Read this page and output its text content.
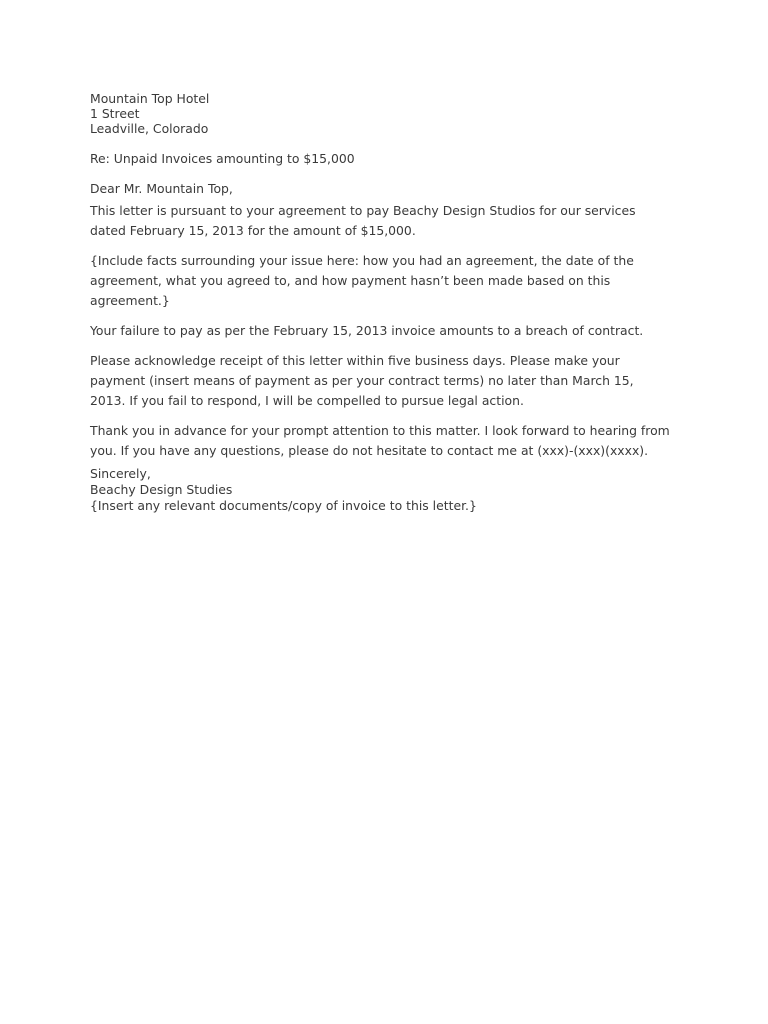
Mountain Top Hotel

1 Street

Leadville, Colorado

Re: Unpaid Invoices amounting to $15,000
Dear Mr. Mountain Top,
This letter is pursuant to your agreement to pay Beachy Design Studios for our services
dated February 15, 2013 for the amount of $15,000.
{Include facts surrounding your issue here: how you had an agreement, the date of the
agreement, what you agreed to, and how payment hasn’t been made based on this
agreement.}
Your failure to pay as per the February 15, 2013 invoice amounts to a breach of contract.
Please acknowledge receipt of this letter within five business days. Please make your
payment (insert means of payment as per your contract terms) no later than March 15,
2013. If you fail to respond, I will be compelled to pursue legal action.
Thank you in advance for your prompt attention to this matter. I look forward to hearing from
you. If you have any questions, please do not hesitate to contact me at (xxx)-(xxx)(xxxx).

Sincerely,

Beachy Design Studies

{Insert any relevant documents/copy of invoice to this letter.}
